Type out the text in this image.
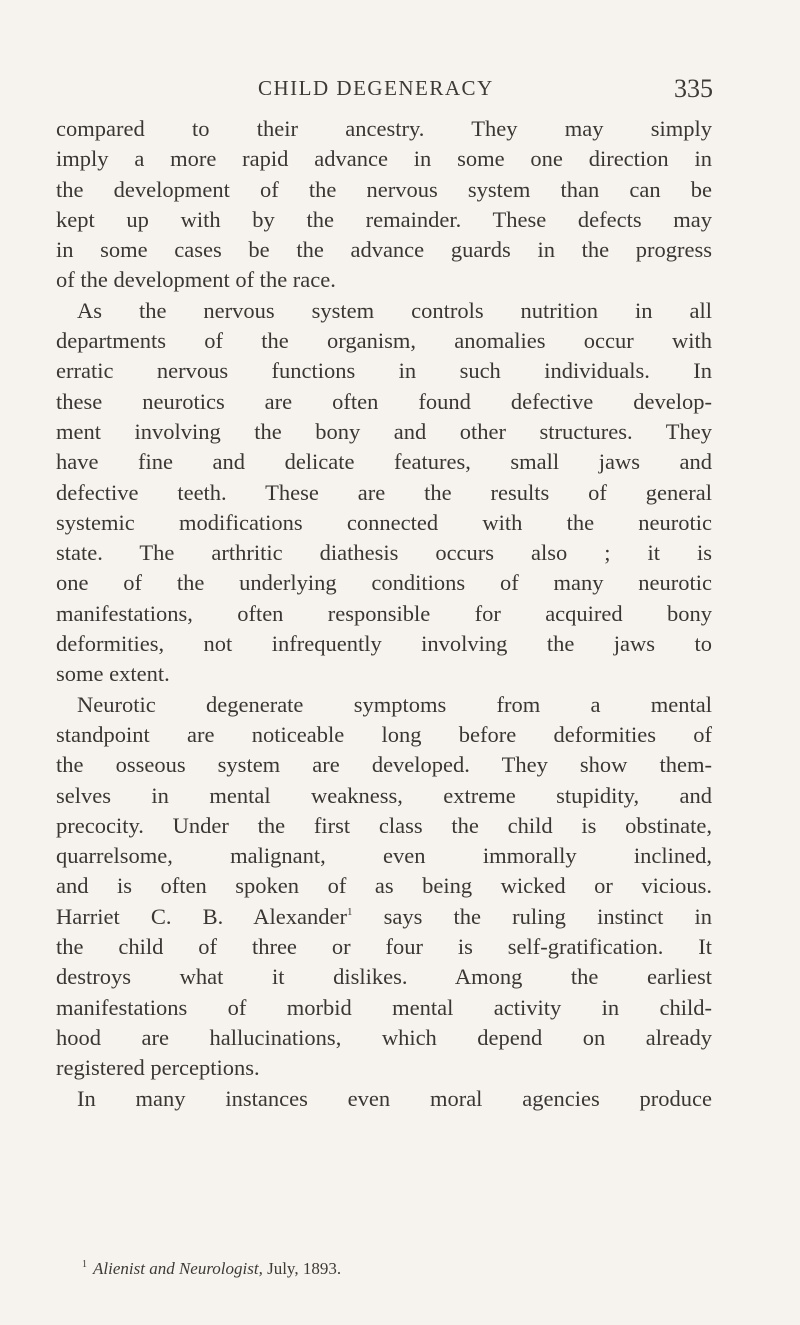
CHILD DEGENERACY	335
compared to their ancestry. They may simply
imply a more rapid advance in some one direction in
the development of the nervous system than can be
kept up with by the remainder. These defects may
in some cases be the advance guards in the progress
of the development of the race.
As the nervous system controls nutrition in all
departments of the organism, anomalies occur with
erratic nervous functions in such individuals. In
these neurotics are often found defective develop-
ment involving the bony and other structures. They
have fine and delicate features, small jaws and
defective teeth. These are the results of general
systemic modifications connected with the neurotic
state. The arthritic diathesis occurs also ; it is
one of the underlying conditions of many neurotic
manifestations, often responsible for acquired bony
deformities, not infrequently involving the jaws to
some extent.
Neurotic degenerate symptoms from a mental
standpoint are noticeable long before deformities of
the osseous system are developed. They show them-
selves in mental weakness, extreme stupidity, and
precocity. Under the first class the child is obstinate,
quarrelsome, malignant, even immorally inclined,
and is often spoken of as being wicked or vicious.
Harriet C. B. Alexander$^1$ says the ruling instinct in
the child of three or four is self-gratification. It
destroys what it dislikes. Among the earliest
manifestations of morbid mental activity in child-
hood are hallucinations, which depend on already
registered perceptions.
In many instances even moral agencies produce
$^1$ Alienist and Neurologist, July, 1893.
